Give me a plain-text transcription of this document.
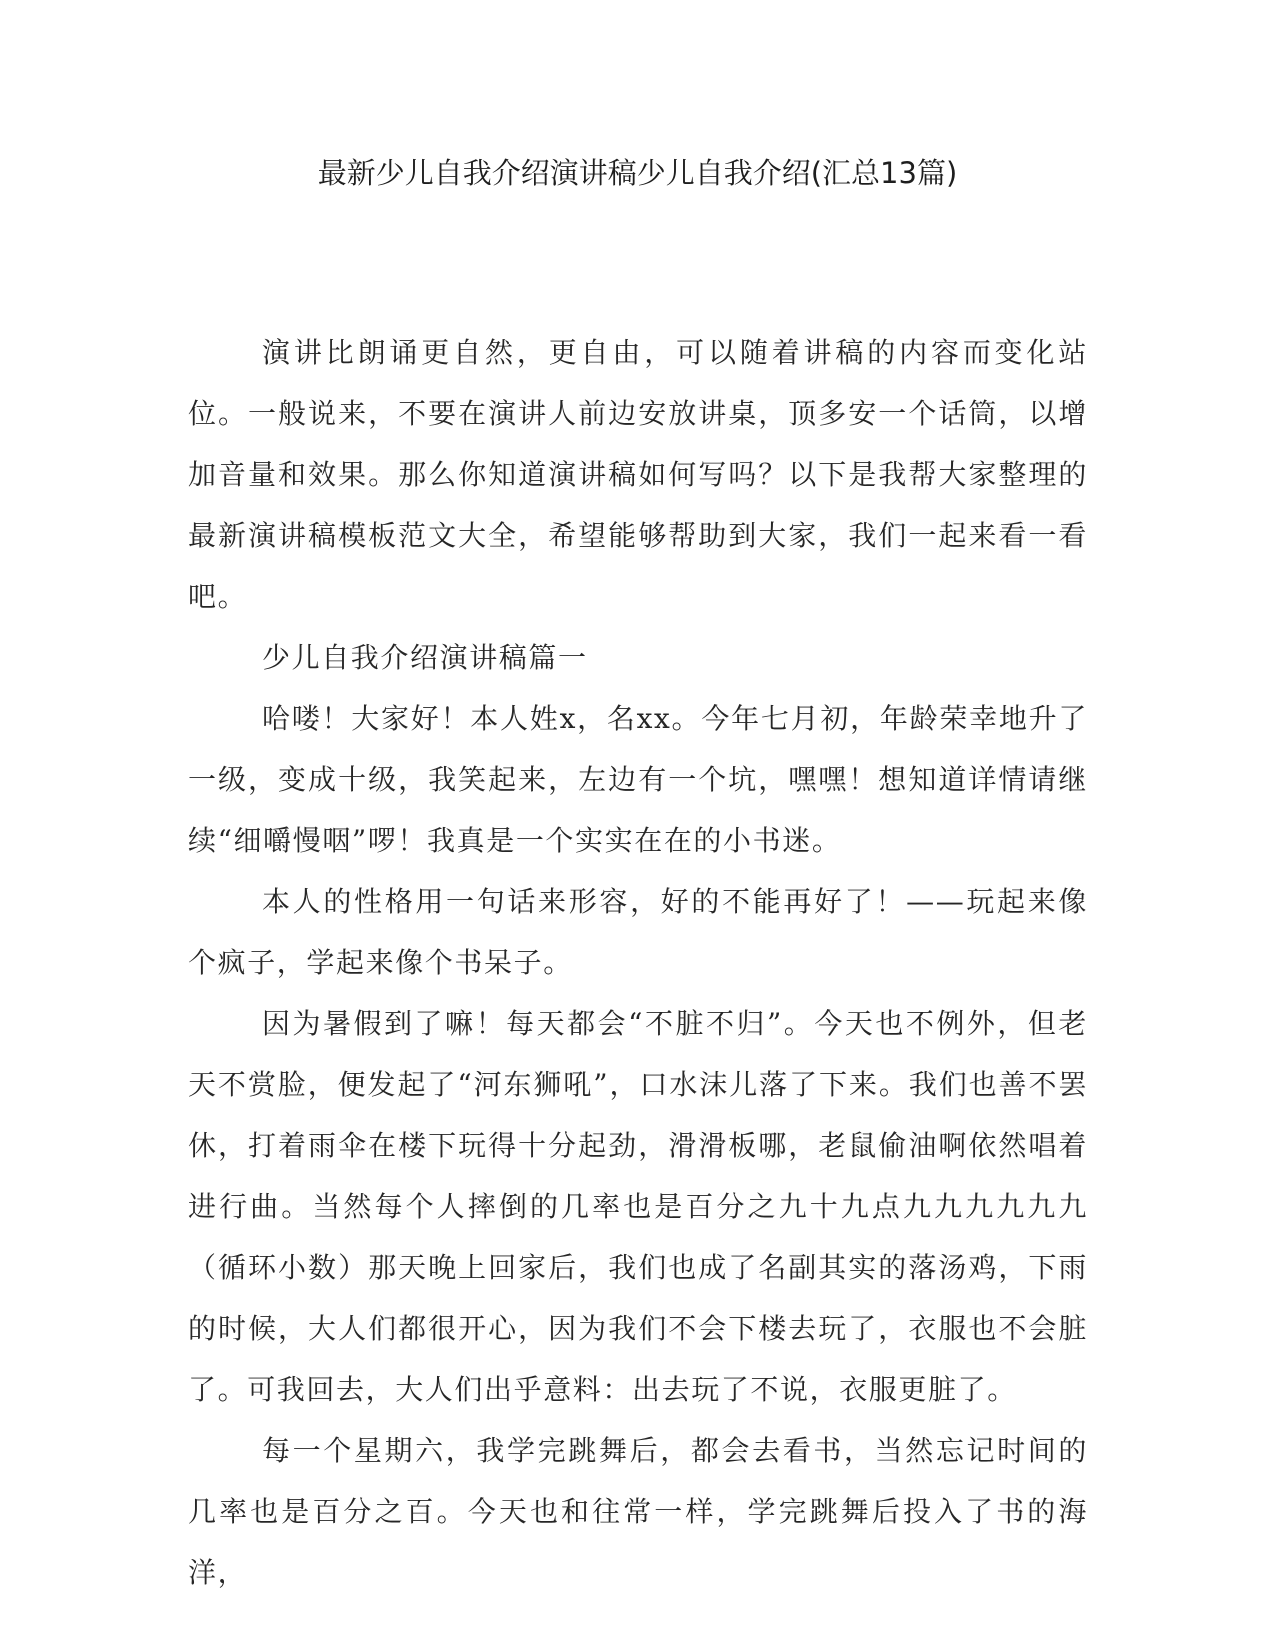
最新少儿自我介绍演讲稿少儿自我介绍(汇总13篇)

演讲比朗诵更自然，更自由，可以随着讲稿的内容而变化站位。一般说来，不要在演讲人前边安放讲桌，顶多安一个话筒，以增加音量和效果。那么你知道演讲稿如何写吗？以下是我帮大家整理的最新演讲稿模板范文大全，希望能够帮助到大家，我们一起来看一看吧。

少儿自我介绍演讲稿篇一

哈喽！大家好！本人姓x，名xx。今年七月初，年龄荣幸地升了一级，变成十级，我笑起来，左边有一个坑，嘿嘿！想知道详情请继续“细嚼慢咽”啰！我真是一个实实在在的小书迷。

本人的性格用一句话来形容，好的不能再好了！——玩起来像个疯子，学起来像个书呆子。

因为暑假到了嘛！每天都会“不脏不归”。今天也不例外，但老天不赏脸，便发起了“河东狮吼”，口水沫儿落了下来。我们也善不罢休，打着雨伞在楼下玩得十分起劲，滑滑板哪，老鼠偷油啊依然唱着进行曲。当然每个人摔倒的几率也是百分之九十九点九九九九九九（循环小数）那天晚上回家后，我们也成了名副其实的落汤鸡，下雨的时候，大人们都很开心，因为我们不会下楼去玩了，衣服也不会脏了。可我回去，大人们出乎意料：出去玩了不说，衣服更脏了。

每一个星期六，我学完跳舞后，都会去看书，当然忘记时间的几率也是百分之百。今天也和往常一样，学完跳舞后投入了书的海洋，
